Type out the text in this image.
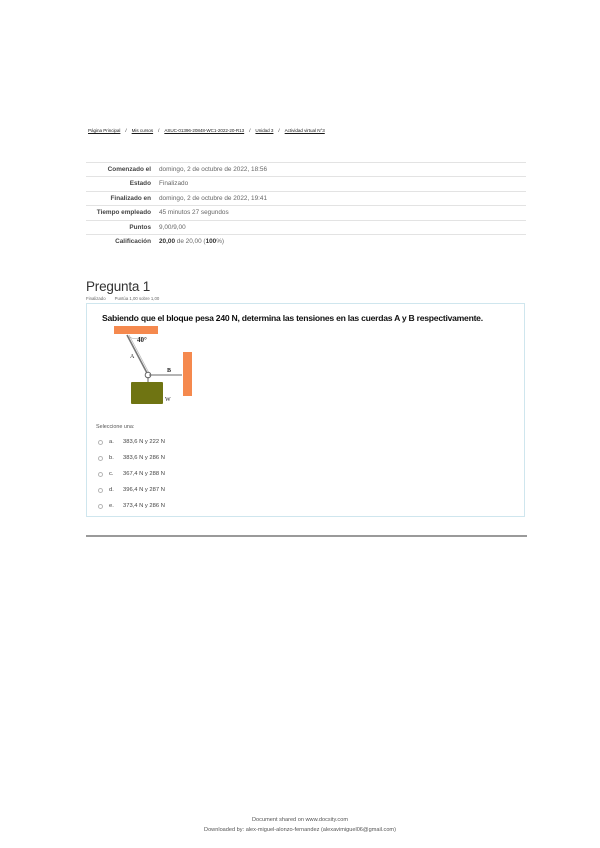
Página Principal / Mis cursos / ASUC-01396-20848-WC1-2022-20-R13 / Unidad 3 / Actividad virtual N°3
Comenzado el	domingo, 2 de octubre de 2022, 18:56
Estado	Finalizado
Finalizado en	domingo, 2 de octubre de 2022, 19:41
Tiempo empleado	45 minutos 27 segundos
Puntos	9,00/9,00
Calificación	20,00 de 20,00 (100%)
Pregunta 1
Finalizado Puntúa 1,00 sobre 1,00
Sabiendo que el bloque pesa 240 N, determina las tensiones en las cuerdas A y B respectivamente.
40°
A
B
W
Seleccione una:
a.	383,6 N y 222 N
b.	383,6 N y 286 N
c.	367,4 N y 288 N
d.	396,4 N y 287 N
e.	373,4 N y 286 N
Document shared on www.docsity.com
Downloaded by: alex-miguel-alonzo-fernandez (alexavimiguel06@gmail.com)
